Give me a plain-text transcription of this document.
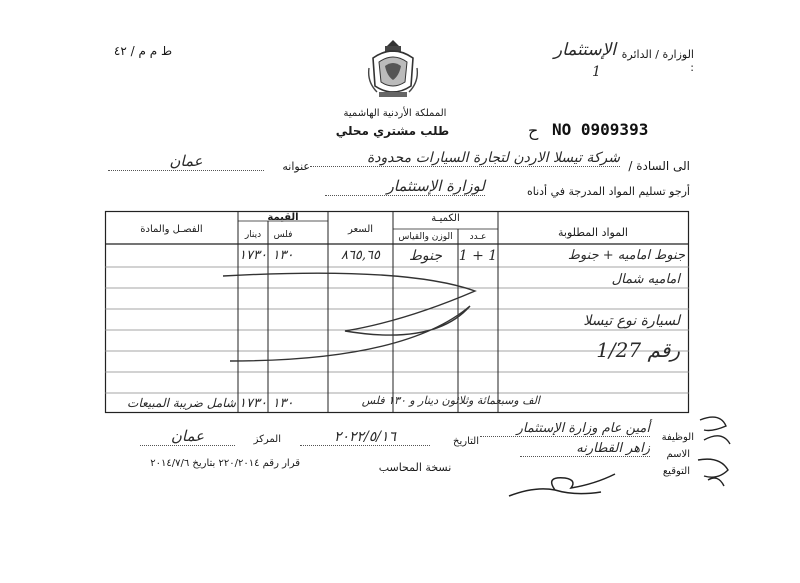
ط م م / ٤٢
المملكة الأردنية الهاشمية
طلب مشتري محلي
الوزارة / الدائرة :
الإستثمار
1
ح NO 0909393
الى السادة /
شركة تيسلا الاردن لتجارة السيارات محدودة
عنوانه
عمان
أرجو تسليم المواد المدرجة في أدناه
لوزارة الإستثمار
المواد المطلوبة
الكميـة
عـدد
الوزن والقياس
السعر
القيمة
فلس
دينار
الفصـل والمادة
جنوط اماميه + جنوط
1 + 1
جنوط
٨٦٥,٦٥
١٣٠
١٧٣٠
اماميه شمال
لسيارة نوع تيسلا
رقم 1/27
الف وسبعمائة وثلاثون دينار و ١٣٠ فلس
١٣٠
١٧٣٠
شامل ضريبة المبيعات
الوظيفة
أمين عام وزارة الإستثمار
الاسم
زاهر القطارنه
التوقيع
التاريخ
٢٠٢٢/٥/١٦
المركز
عمان
قرار رقم ٢٢٠/٢٠١٤ بتاريخ ٢٠١٤/٧/٦	نسخة المحاسب
